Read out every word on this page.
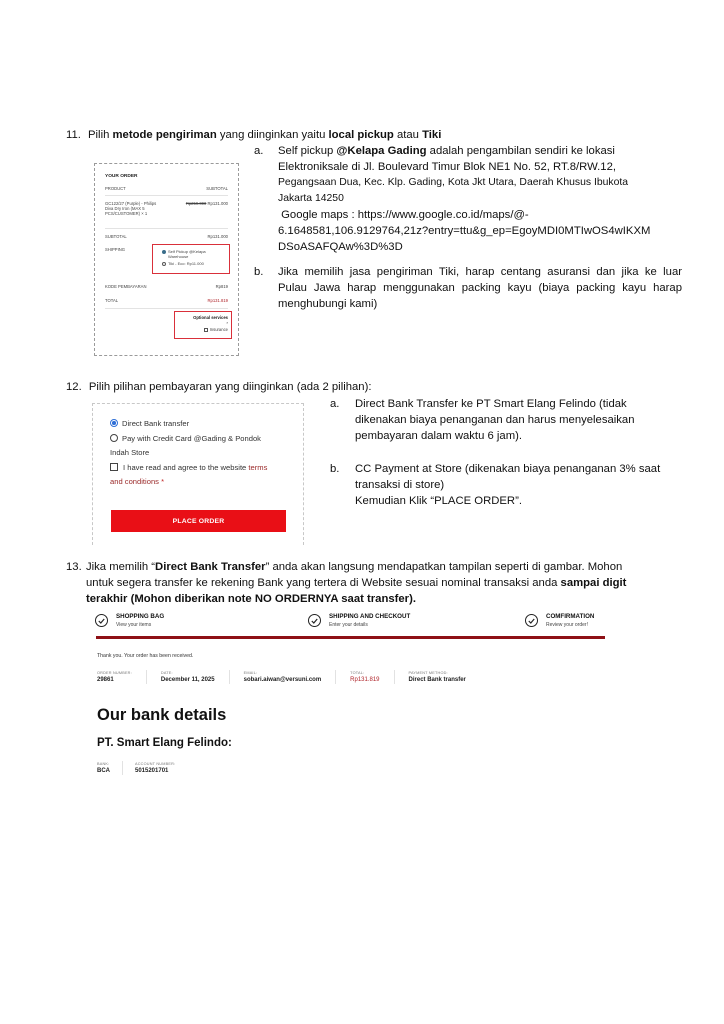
11. Pilih metode pengiriman yang diinginkan yaitu local pickup atau Tiki
YOUR ORDER
PRODUCT	SUBTOTAL
GC122/27 (Purple) - Philips
Diva Dry Iron (MAX 5
PCS/CUSTOMER) × 1
Rp259.000 Rp131.000
SUBTOTAL	Rp131.000
SHIPPING	Self Pickup @Kelapa
Warehouse
Tiki - Eco: Rp11.000
KODE PEMBAYARAN	Rp819
TOTAL	Rp131.819
Optional services
*
Insurance
a. Self pickup @Kelapa Gading adalah pengambilan sendiri ke lokasi
Elektroniksale di Jl. Boulevard Timur Blok NE1 No. 52, RT.8/RW.12,
Pegangsaan Dua, Kec. Klp. Gading, Kota Jkt Utara, Daerah Khusus Ibukota
Jakarta 14250
Google maps : https://www.google.co.id/maps/@-
6.1648581,106.9129764,21z?entry=ttu&g_ep=EgoyMDI0MTIwOS4wIKXM
DSoASAFQAw%3D%3D
b. Jika memilih jasa pengiriman Tiki, harap centang asuransi dan jika ke luar
Pulau Jawa harap menggunakan packing kayu (biaya packing kayu harap
menghubungi kami)
12. Pilih pilihan pembayaran yang diinginkan (ada 2 pilihan):
Direct Bank transfer
Pay with Credit Card @Gading & Pondok
Indah Store
I have read and agree to the website terms
and conditions *
PLACE ORDER
a. Direct Bank Transfer ke PT Smart Elang Felindo (tidak
dikenakan biaya penanganan dan harus menyelesaikan
pembayaran dalam waktu 6 jam).
b. CC Payment at Store (dikenakan biaya penanganan 3% saat
transaksi di store)
Kemudian Klik “PLACE ORDER”.
13. Jika memilih “Direct Bank Transfer” anda akan langsung mendapatkan tampilan seperti di gambar. Mohon
untuk segera transfer ke rekening Bank yang tertera di Website sesuai nominal transaksi anda sampai digit
terakhir (Mohon diberikan note NO ORDERNYA saat transfer).
SHOPPING BAG
View your items
SHIPPING AND CHECKOUT
Enter your details
COMFIRMATION
Review your order!
Thank you. Your order has been received.
ORDER NUMBER:
29861
DATE:
December 11, 2025
EMAIL:
sobari.aiwan@versuni.com
TOTAL:
Rp131.819
PAYMENT METHOD:
Direct Bank transfer
Our bank details
PT. Smart Elang Felindo:
BANK:
BCA
ACCOUNT NUMBER:
5015201701
